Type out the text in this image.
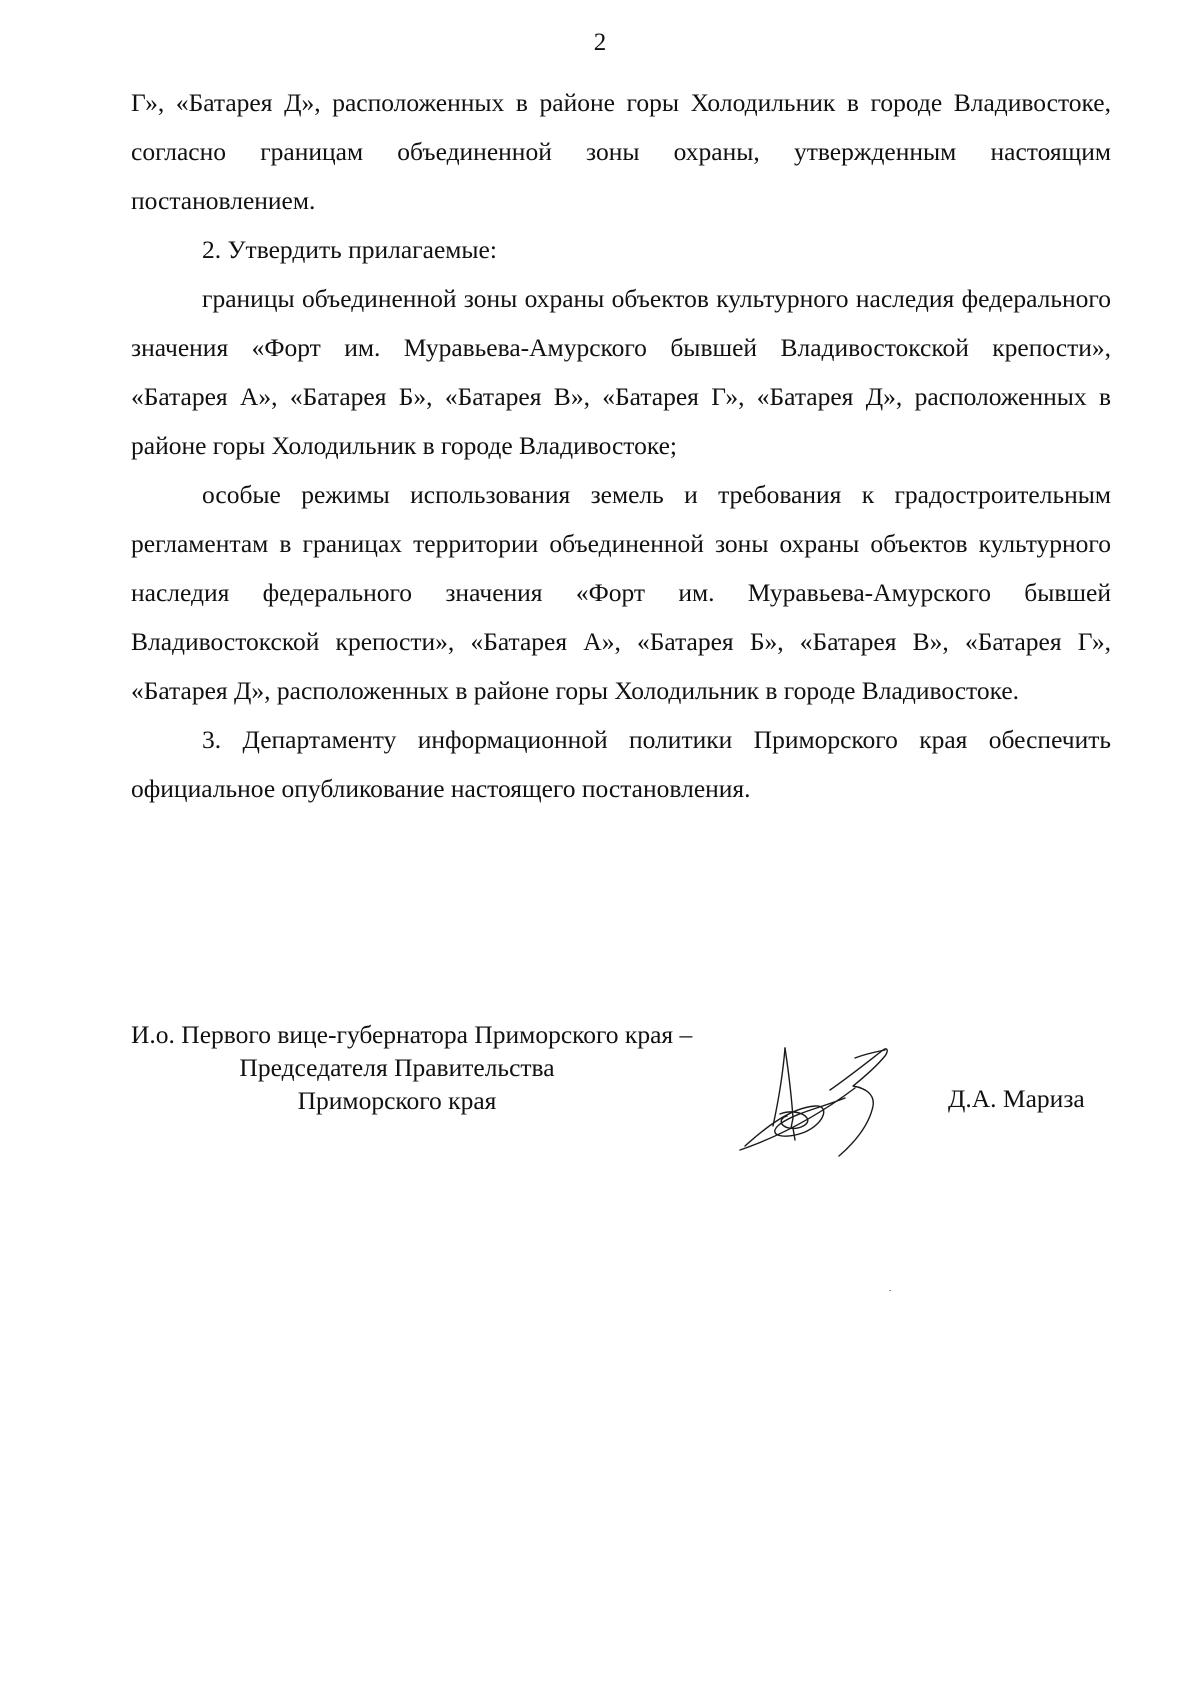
2

Г», «Батарея Д», расположенных в районе горы Холодильник в городе Владивостоке, согласно границам объединенной зоны охраны, утвержденным настоящим постановлением.

2. Утвердить прилагаемые:

границы объединенной зоны охраны объектов культурного наследия федерального значения «Форт им. Муравьева-Амурского бывшей Владивостокской крепости», «Батарея А», «Батарея Б», «Батарея В», «Батарея Г», «Батарея Д», расположенных в районе горы Холодильник в городе Владивостоке;

особые режимы использования земель и требования к градостроительным регламентам в границах территории объединенной зоны охраны объектов культурного наследия федерального значения «Форт им. Муравьева-Амурского бывшей Владивостокской крепости», «Батарея А», «Батарея Б», «Батарея В», «Батарея Г», «Батарея Д», расположенных в районе горы Холодильник в городе Владивостоке.

3. Департаменту информационной политики Приморского края обеспечить официальное опубликование настоящего постановления.

И.о. Первого вице-губернатора Приморского края –
Председателя Правительства
Приморского края	Д.А. Мариза
